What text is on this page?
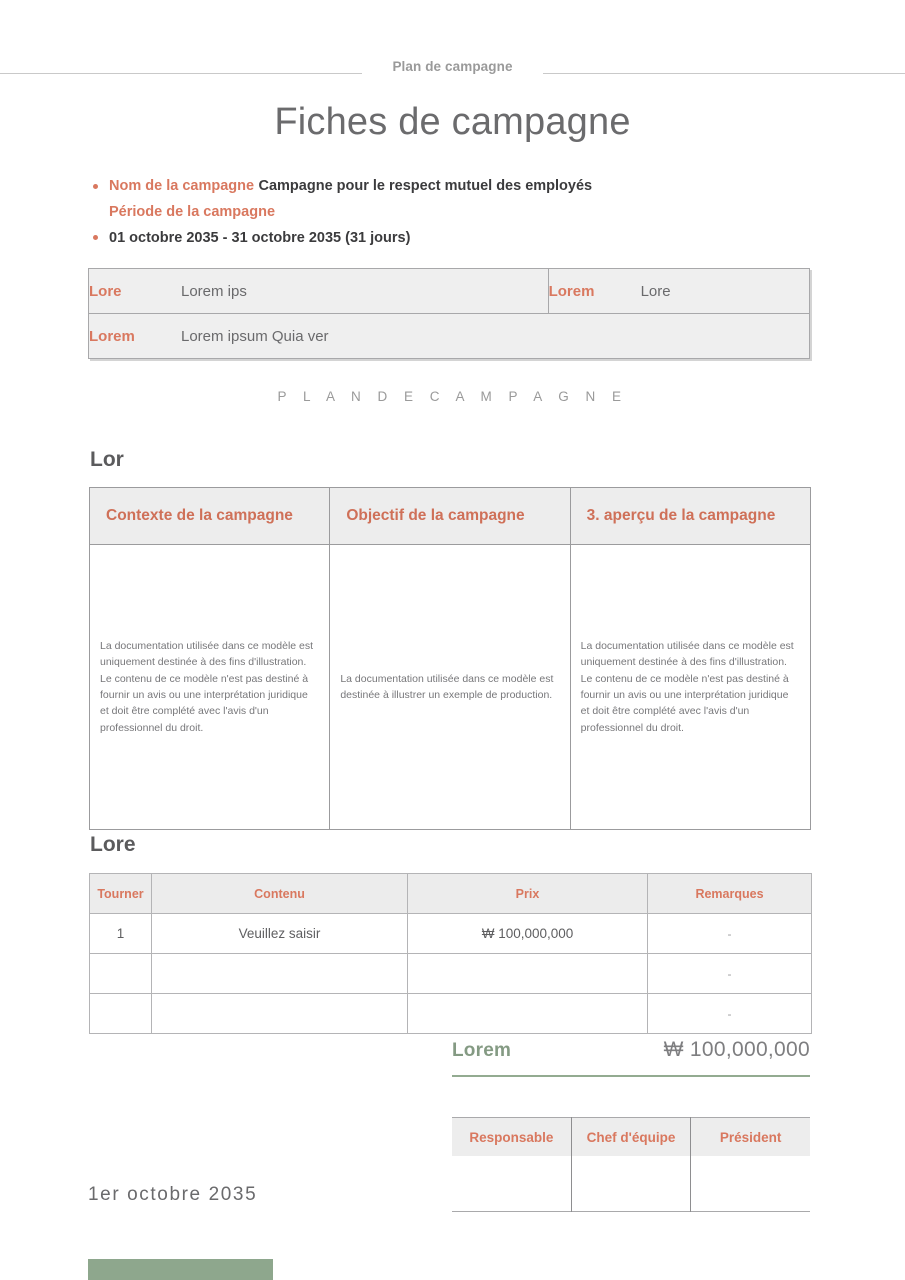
Plan de campagne
Fiches de campagne
Nom de la campagne Campagne pour le respect mutuel des employés
Période de la campagne
01 octobre 2035 - 31 octobre 2035 (31 jours)
Lore	Lorem ips	Lorem	Lore
Lorem	Lorem ipsum Quia ver		
P L A N D E C A M P A G N E
Lor
Contexte de la campagne	Objectif de la campagne	3. aperçu de la campagne

La documentation utilisée dans ce modèle est uniquement destinée à des fins d'illustration. Le contenu de ce modèle n'est pas destiné à fournir un avis ou une interprétation juridique et doit être complété avec l'avis d'un professionnel du droit.

La documentation utilisée dans ce modèle est destinée à illustrer un exemple de production.

La documentation utilisée dans ce modèle est uniquement destinée à des fins d'illustration. Le contenu de ce modèle n'est pas destiné à fournir un avis ou une interprétation juridique et doit être complété avec l'avis d'un professionnel du droit.
Lore
Tourner	Contenu	Prix	Remarques
1	Veuillez saisir	₩ 100,000,000	-
			-
			-
Lorem	₩ 100,000,000
Responsable	Chef d'équipe	Président

1er octobre 2035
